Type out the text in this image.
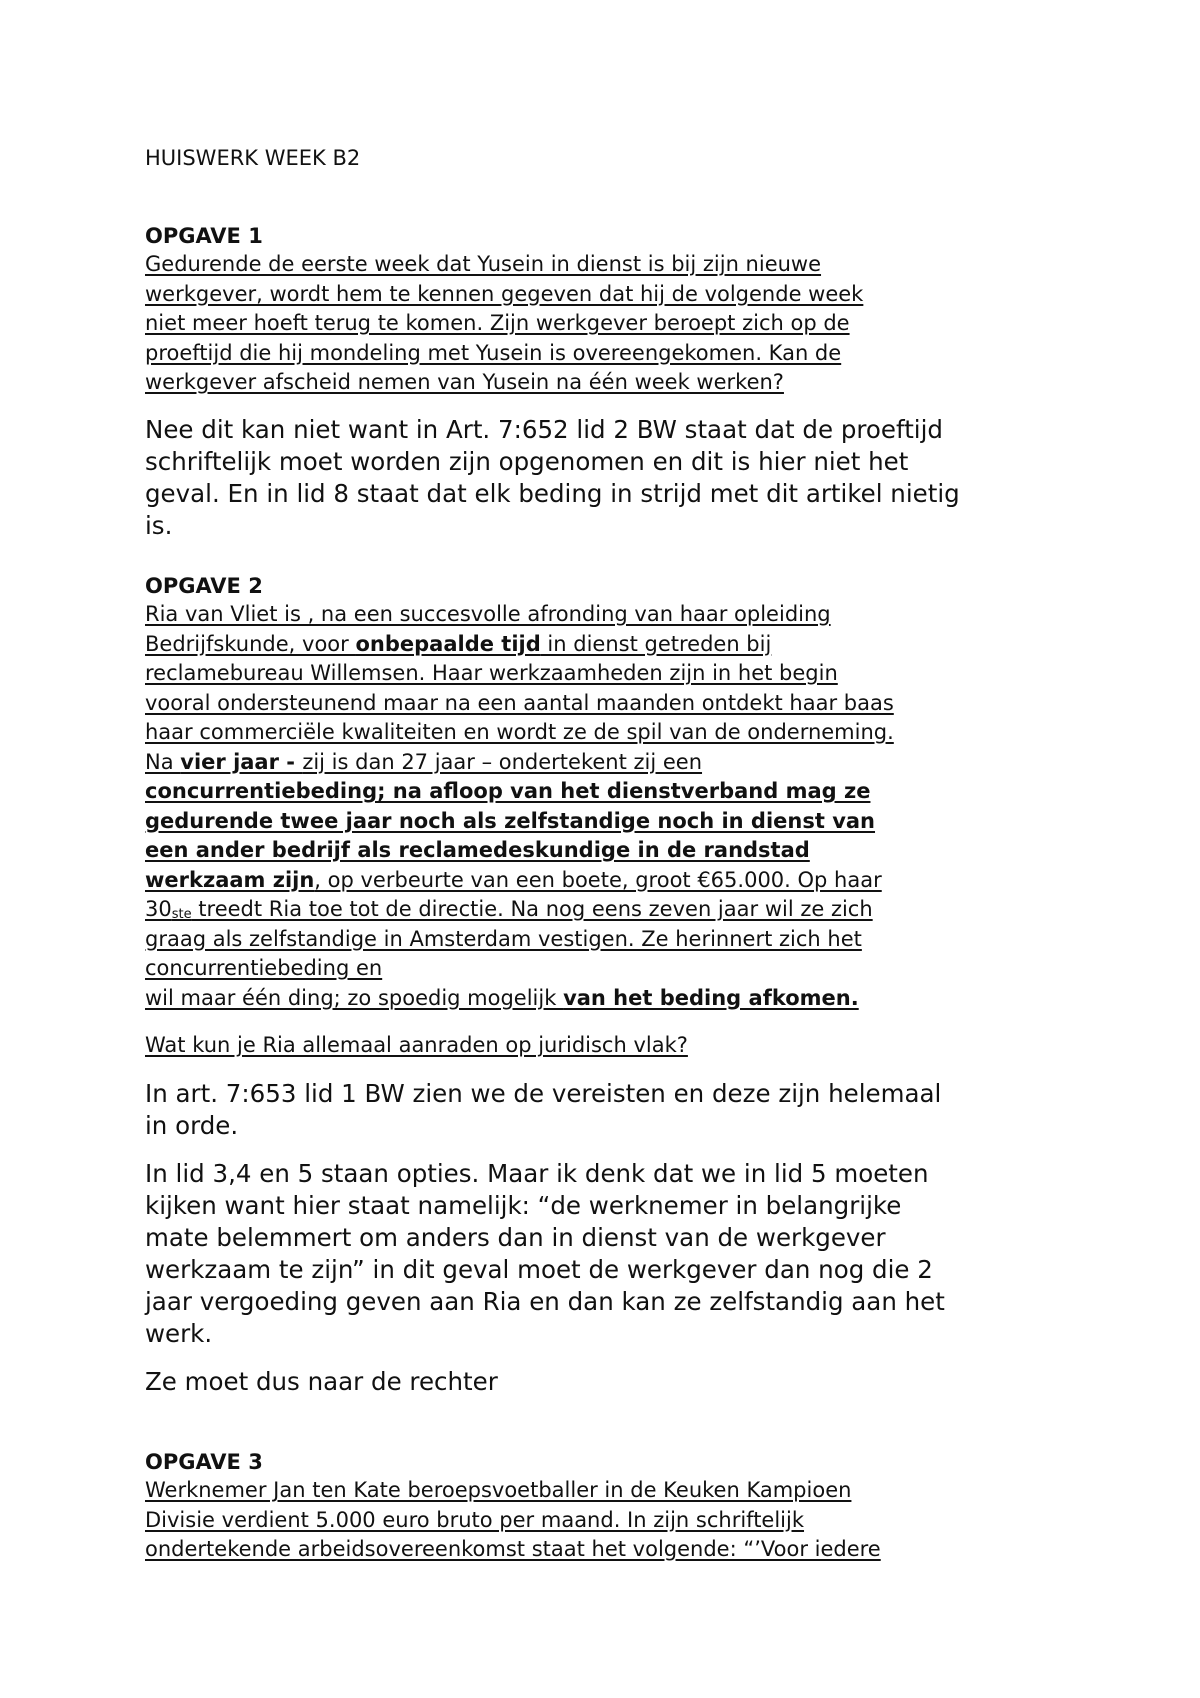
HUISWERK WEEK B2
OPGAVE 1
Gedurende de eerste week dat Yusein in dienst is bij zijn nieuwe
werkgever, wordt hem te kennen gegeven dat hij de volgende week
niet meer hoeft terug te komen. Zijn werkgever beroept zich op de
proeftijd die hij mondeling met Yusein is overeengekomen. Kan de
werkgever afscheid nemen van Yusein na één week werken?
Nee dit kan niet want in Art. 7:652 lid 2 BW staat dat de proeftijd
schriftelijk moet worden zijn opgenomen en dit is hier niet het
geval. En in lid 8 staat dat elk beding in strijd met dit artikel nietig
is.
OPGAVE 2
Ria van Vliet is , na een succesvolle afronding van haar opleiding
Bedrijfskunde, voor onbepaalde tijd in dienst getreden bij
reclamebureau Willemsen. Haar werkzaamheden zijn in het begin
vooral ondersteunend maar na een aantal maanden ontdekt haar baas
haar commerciële kwaliteiten en wordt ze de spil van de onderneming.
Na vier jaar - zij is dan 27 jaar – ondertekent zij een
concurrentiebeding; na afloop van het dienstverband mag ze
gedurende twee jaar noch als zelfstandige noch in dienst van
een ander bedrijf als reclamedeskundige in de randstad
werkzaam zijn, op verbeurte van een boete, groot €65.000. Op haar
$30_{ste}$ treedt Ria toe tot de directie. Na nog eens zeven jaar wil ze zich
graag als zelfstandige in Amsterdam vestigen. Ze herinnert zich het
concurrentiebeding en
wil maar één ding; zo spoedig mogelijk van het beding afkomen.
Wat kun je Ria allemaal aanraden op juridisch vlak?
In art. 7:653 lid 1 BW zien we de vereisten en deze zijn helemaal
in orde.
In lid 3,4 en 5 staan opties. Maar ik denk dat we in lid 5 moeten
kijken want hier staat namelijk: “de werknemer in belangrijke
mate belemmert om anders dan in dienst van de werkgever
werkzaam te zijn” in dit geval moet de werkgever dan nog die 2
jaar vergoeding geven aan Ria en dan kan ze zelfstandig aan het
werk.
Ze moet dus naar de rechter
OPGAVE 3
Werknemer Jan ten Kate beroepsvoetballer in de Keuken Kampioen
Divisie verdient 5.000 euro bruto per maand. In zijn schriftelijk
ondertekende arbeidsovereenkomst staat het volgende: “’Voor iedere
